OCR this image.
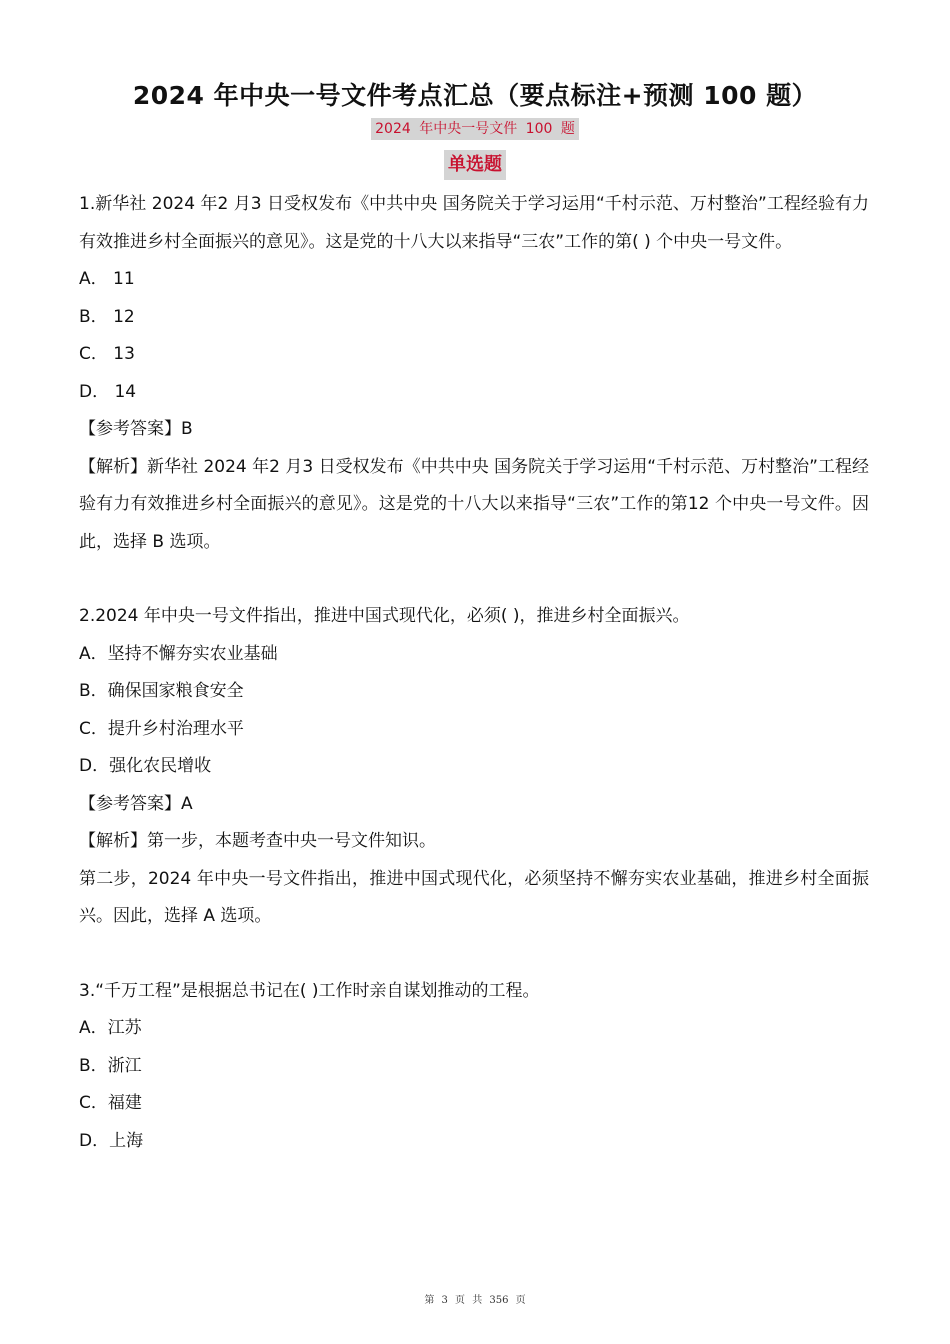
2024 年中央一号文件考点汇总（要点标注+预测 100 题）
2024 年中央一号文件 100 题
单选题

1.新华社 2024 年2 月3 日受权发布《中共中央 国务院关于学习运用“千村示范、万村整治”工程经验有力有效推进乡村全面振兴的意见》。这是党的十八大以来指导“三农”工作的第( ) 个中央一号文件。

A． 11

B． 12

C． 13

D． 14

【参考答案】B

【解析】新华社 2024 年2 月3 日受权发布《中共中央 国务院关于学习运用“千村示范、万村整治”工程经验有力有效推进乡村全面振兴的意见》。这是党的十八大以来指导“三农”工作的第12 个中央一号文件。因此，选择 B 选项。

2.2024 年中央一号文件指出，推进中国式现代化，必须( )，推进乡村全面振兴。

A．坚持不懈夯实农业基础

B．确保国家粮食安全

C．提升乡村治理水平

D．强化农民增收

【参考答案】A

【解析】第一步，本题考查中央一号文件知识。

第二步，2024 年中央一号文件指出，推进中国式现代化，必须坚持不懈夯实农业基础，推进乡村全面振兴。因此，选择 A 选项。

3.“千万工程”是根据总书记在( )工作时亲自谋划推动的工程。

A．江苏

B．浙江

C．福建

D．上海

第 3 页 共 356 页
